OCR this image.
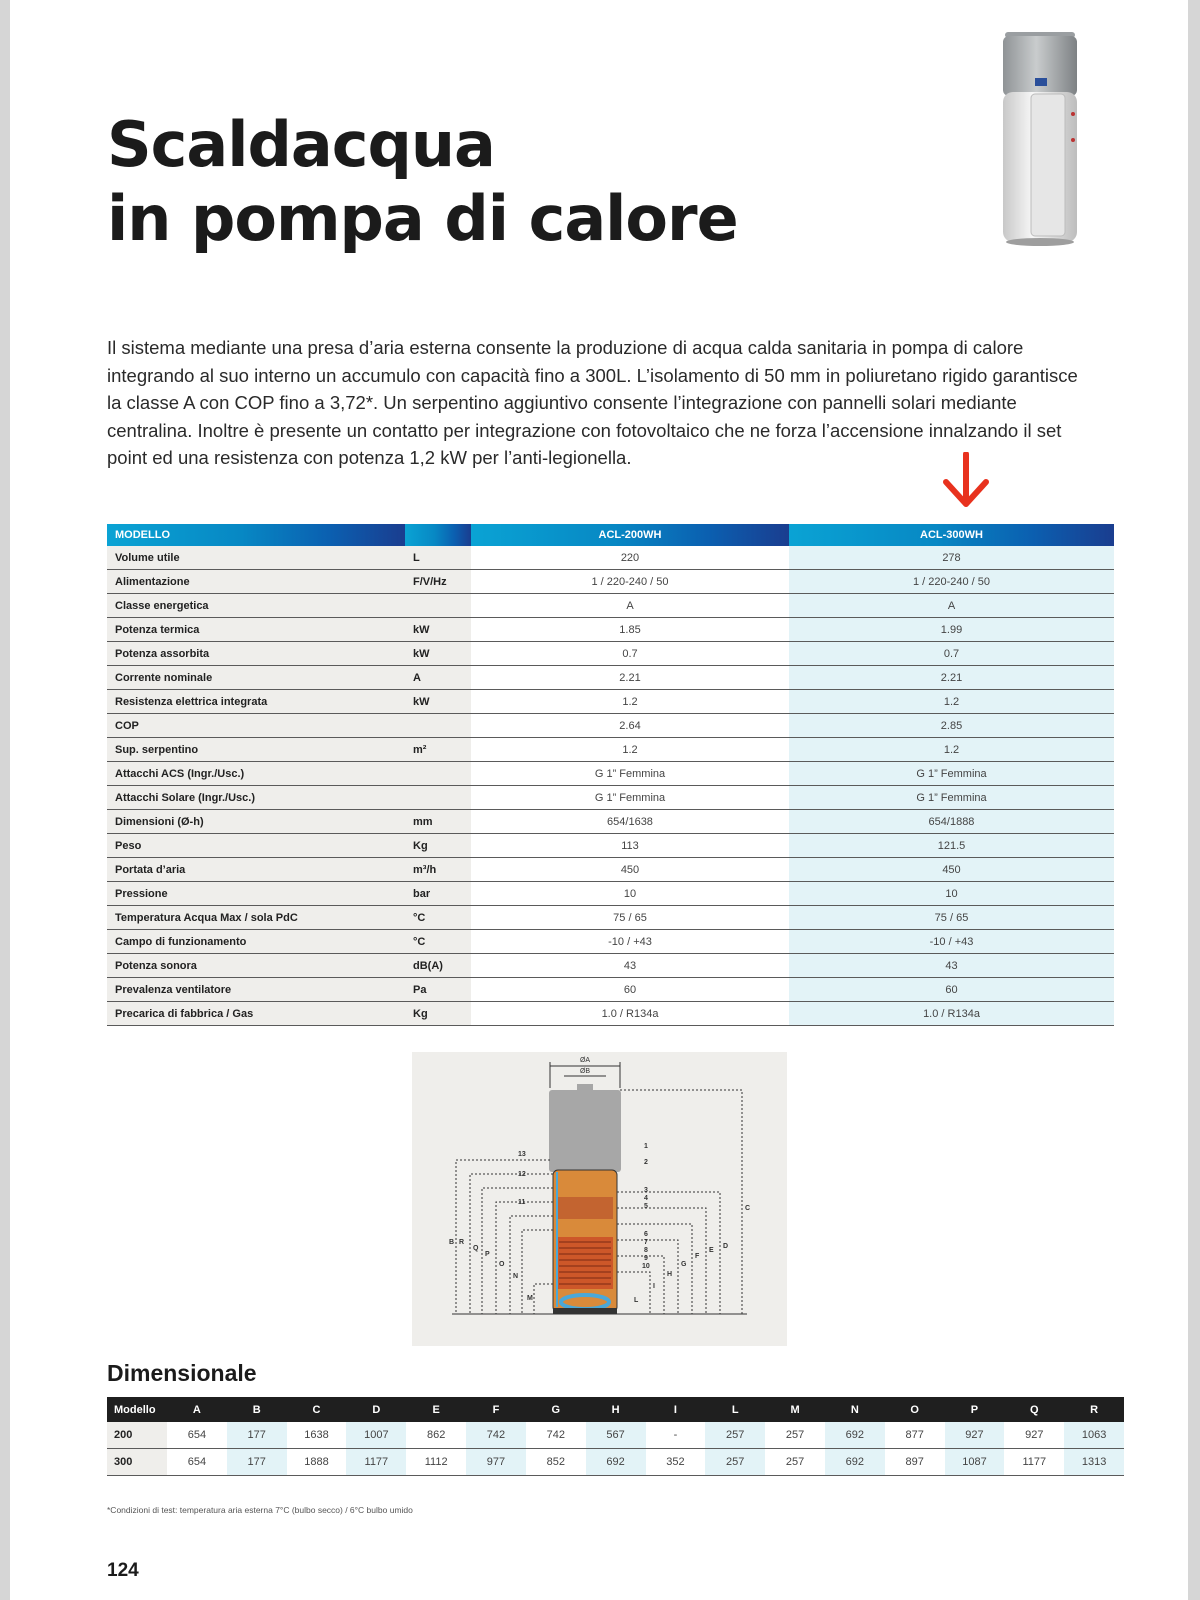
Scaldacqua
in pompa di calore

Il sistema mediante una presa d’aria esterna consente la produzione di acqua calda sanitaria in pompa di calore integrando al suo interno un accumulo con capacità fino a 300L. L’isolamento di 50 mm in poliuretano rigido garantisce la classe A con COP fino a 3,72*. Un serpentino aggiuntivo consente l’integrazione con pannelli solari mediante centralina. Inoltre è presente un contatto per integrazione con fotovoltaico che ne forza l’accensione innalzando il set point ed una resistenza con potenza 1,2 kW per l’anti-legionella.

MODELLO		ACL-200WH	ACL-300WH
Volume utile	L	220	278
Alimentazione	F/V/Hz	1 / 220-240 / 50	1 / 220-240 / 50
Classe energetica		A	A
Potenza termica	kW	1.85	1.99
Potenza assorbita	kW	0.7	0.7
Corrente nominale	A	2.21	2.21
Resistenza elettrica integrata	kW	1.2	1.2
COP		2.64	2.85
Sup. serpentino	m²	1.2	1.2
Attacchi ACS (Ingr./Usc.)		G 1” Femmina	G 1” Femmina
Attacchi Solare (Ingr./Usc.)		G 1” Femmina	G 1” Femmina
Dimensioni (Ø-h)	mm	654/1638	654/1888
Peso	Kg	113	121.5
Portata d’aria	m³/h	450	450
Pressione	bar	10	10
Temperatura Acqua Max / sola PdC	°C	75 / 65	75 / 65
Campo di funzionamento	°C	-10 / +43	-10 / +43
Potenza sonora	dB(A)	43	43
Prevalenza ventilatore	Pa	60	60
Precarica di fabbrica / Gas	Kg	1.0 / R134a	1.0 / R134a
ØA
ØB
1
2
3
4
5
6
7
8
9
10
11
12
13
B
C
D
E
F
G
H
I
L
M
N
O
P
Q
R
Dimensionale
Modello	A	B	C	D	E	F	G	H	I	L	M	N	O	P	Q	R
200	654	177	1638	1007	862	742	742	567	-	257	257	692	877	927	927	1063
300	654	177	1888	1177	1112	977	852	692	352	257	257	692	897	1087	1177	1313
*Condizioni di test: temperatura aria esterna 7°C (bulbo secco) / 6°C bulbo umido
124
